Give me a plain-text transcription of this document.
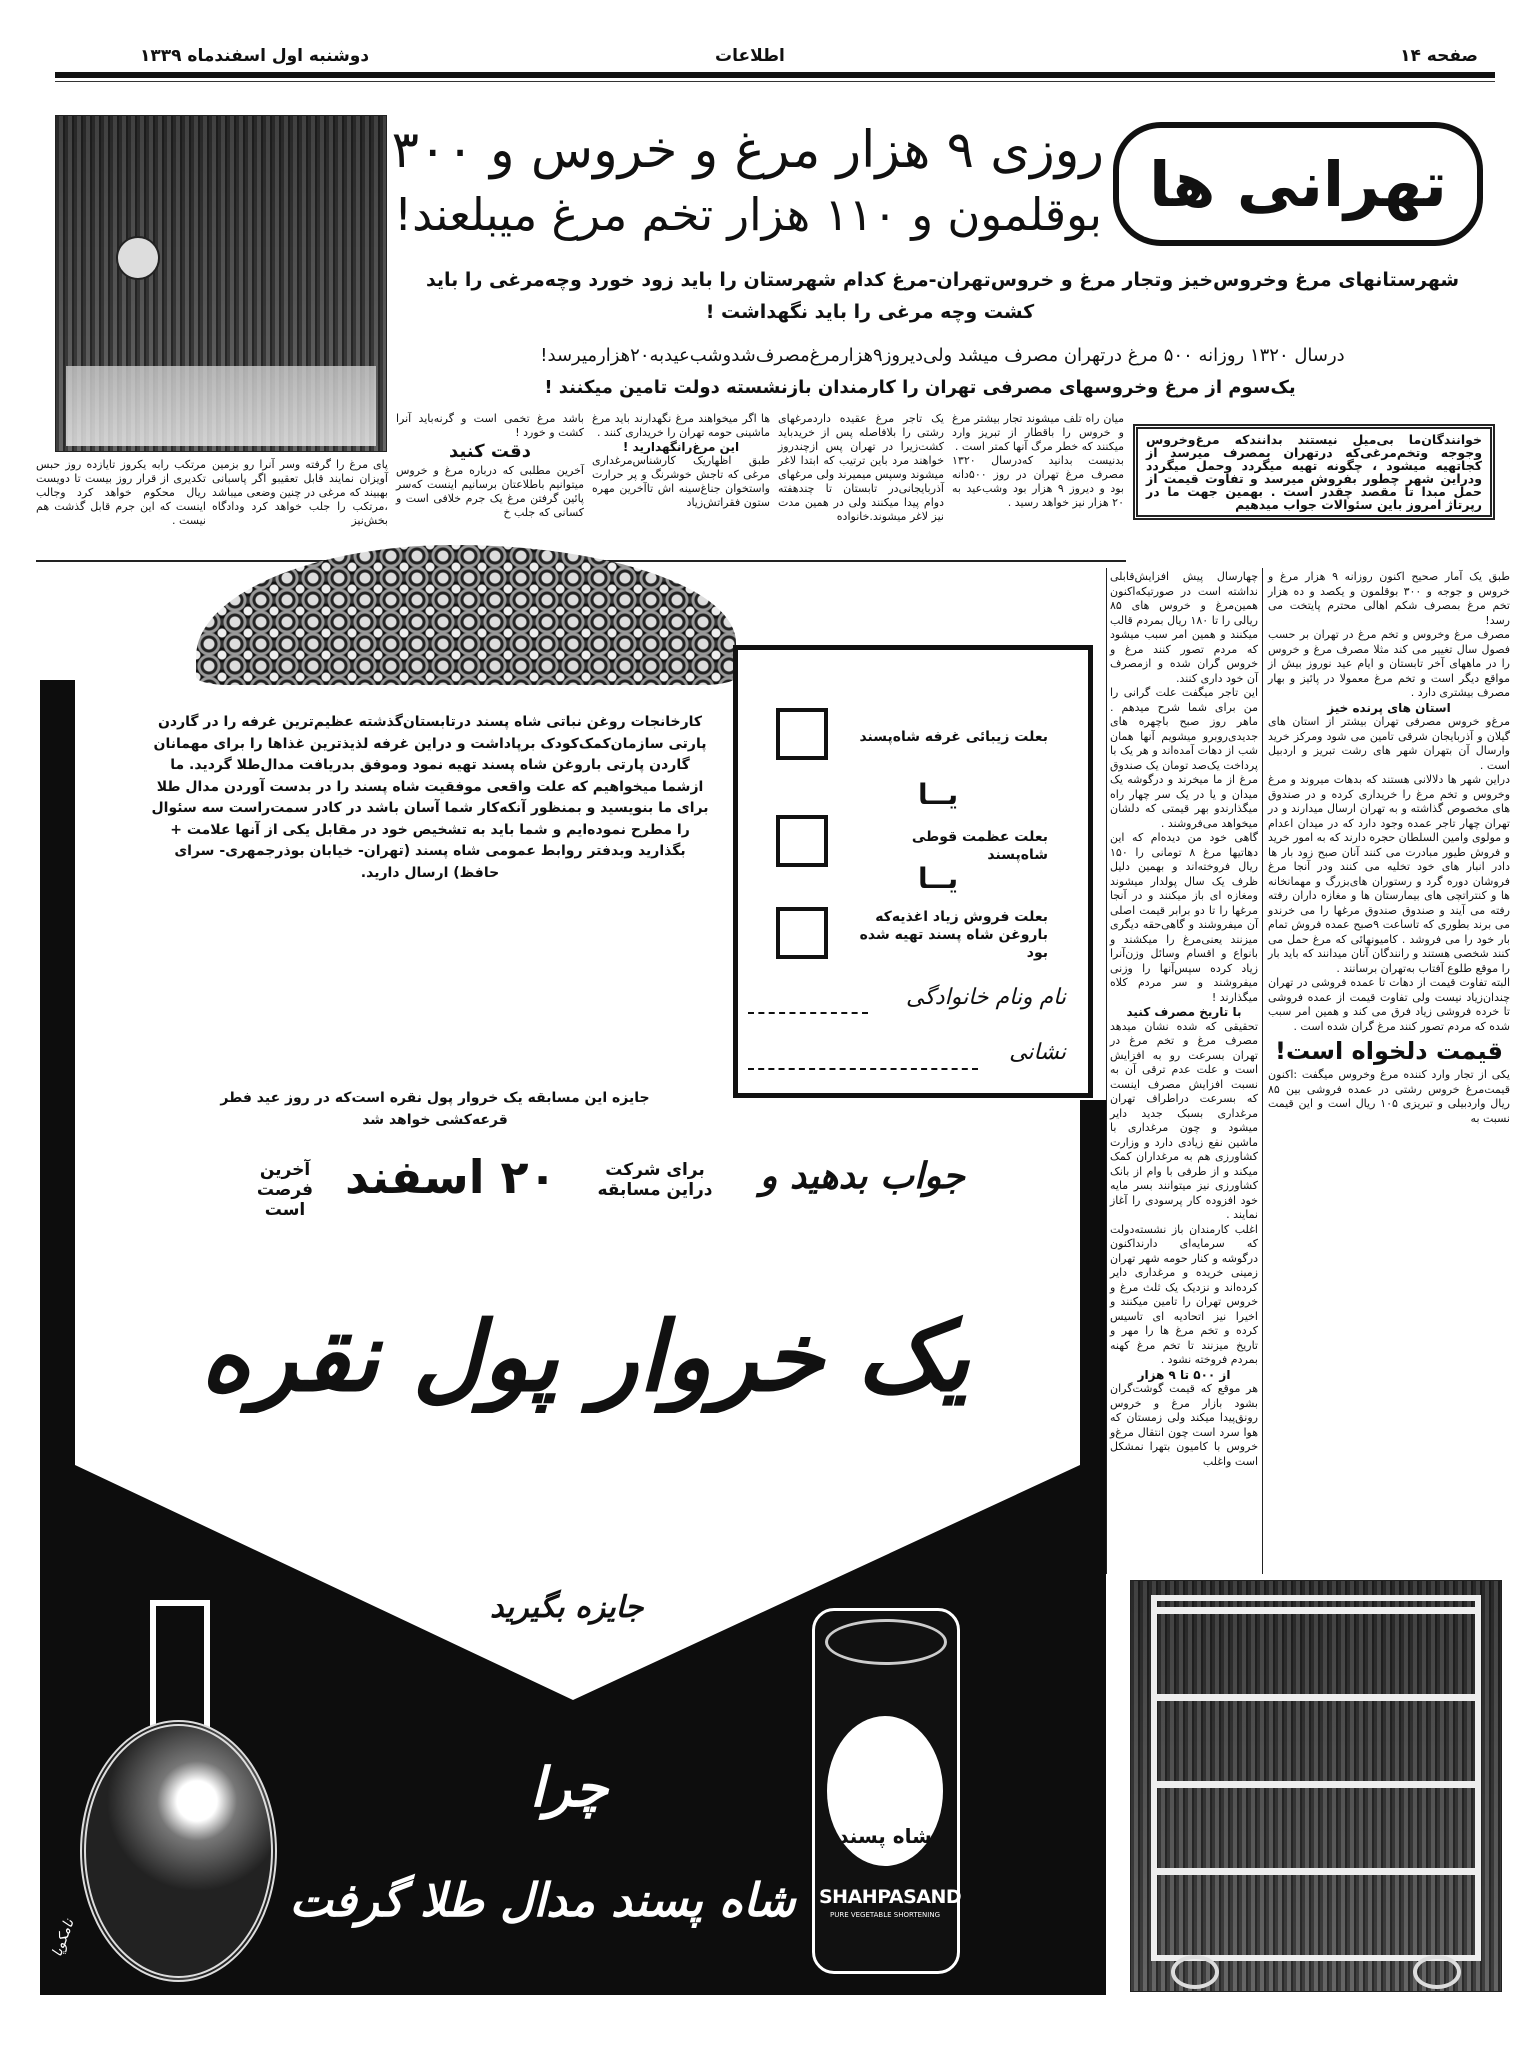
دوشنبه اول اسفندماه ۱۳۳۹	اطلاعات	صفحه ۱۴
تهرانی ها
روزی ۹ هزار مرغ و خروس و ۳۰۰
بوقلمون و ۱۱۰ هزار تخم مرغ میبلعند!
شهرستانهای مرغ وخروس‌خیز وتجار مرغ و خروس‌تهران-مرغ کدام شهرستان را باید زود خورد وچه‌مرغی را باید
کشت وچه مرغی را باید نگهداشت !
درسال ۱۳۲۰ روزانه ۵۰۰ مرغ درتهران مصرف میشد ولی‌دیروز۹هزارمرغ‌مصرف‌شدوشب‌عیدبه۲۰هزارمیرسد!
یک‌سوم از مرغ وخروسهای مصرفی تهران را کارمندان بازنشسته دولت تامین میکنند !
خوانندگان‌ما بی‌میل نیستند بدانندکه مرغ‌وخروس وجوجه وتخم‌مرغی‌که درتهران بمصرف میرسد از کجاتهیه میشود ، چگونه تهیه میگردد وحمل میگردد ودراین شهر چطور بفروش میرسد و تفاوت قیمت از حمل مبدا تا مقصد چقدر است . بهمین جهت ما در رپرتاژ امروز باین سئوالات جواب میدهیم
میان راه تلف میشوند تجار بیشتر مرغ و خروس را باقطار از تبریز وارد میکنند که خطر مرگ آنها کمتر است .
بدنیست بدانید که‌درسال ۱۳۲۰ مصرف مرغ تهران در روز ۵۰۰دانه بود و دیروز ۹ هزار بود وشب‌عید به ۲۰ هزار نیز خواهد رسید .
یک تاجر مرغ عقیده داردمرغهای رشتی را بلافاصله پس از خریدباید کشت‌زیرا در تهران پس ازچندروز خواهند مرد باین ترتیب که ابتدا لاغر میشوند وسپس میمیرند ولی مرغهای آذربایجانی‌در تابستان تا چندهفته دوام پیدا میکنند ولی در همین مدت نیز لاغر میشوند.خانواده
ها اگر میخواهند مرغ نگهدارند باید مرغ ماشینی حومه تهران را خریداری کنند .
این مرغ‌رانگهدارید !
طبق اظهاریک کارشناس‌مرغداری مرغی که تاجش خوشرنگ و پر حرارت واستخوان جناغ‌سینه اش تاآخرین مهره ستون فقراتش‌زیاد
باشد مرغ تخمی است و گرنه‌باید آنرا کشت و خورد !
دقت کنید
آخرین مطلبی که درباره مرغ و خروس میتوانیم باطلاعتان برسانیم اینست که‌سر پائین گرفتن مرغ یک جرم خلافی است و کسانی که جلب خ
پای مرغ را گرفته وسر آنرا رو بزمین آویزان نمایند قابل تعقیبو اگر پاسبانی بهبیند که مرغی در چنین وضعی میباشد ،مرتکب را جلب خواهد کرد ودادگاه بخش‌نیز
مرتکب رابه یکروز تایازده روز حبس تکدیری از قرار روز بیست تا دویست ریال محکوم خواهد کرد وجالب اینست که این جرم قابل گذشت هم نیست .
طبق یک آمار صحیح اکنون روزانه ۹ هزار مرغ و خروس و جوجه و ۳۰۰ بوقلمون و یکصد و ده هزار تخم مرغ بمصرف شکم اهالی محترم پایتخت می رسد!
مصرف مرغ وخروس و تخم مرغ در تهران بر حسب فصول سال تغییر می کند مثلا مصرف مرغ و خروس را در ماههای آخر تابستان و ایام عید نوروز بیش از مواقع دیگر است و تخم مرغ معمولا در پائیز و بهار مصرف بیشتری دارد .
استان های پرنده خیز
مرغ‌و خروس مصرفی تهران بیشتر از استان های گیلان و آذربایجان شرقی تامین می شود ومرکز خرید وارسال آن بتهران شهر های رشت تبریز و اردبیل است .
دراین شهر ها دلالانی هستند که بدهات میروند و مرغ وخروس و تخم مرغ را خریداری کرده و در صندوق های مخصوص گذاشته و به تهران ارسال میدارند و در تهران چهار تاجر عمده وجود دارد که در میدان اعدام و مولوی وامین السلطان حجره دارند که به امور خرید و فروش طیور مبادرت می کنند آنان صبح زود بار ها دادر انبار های خود تخلیه می کنند ودر آنجا مرغ فروشان دوره گرد و رستوران های‌بزرگ و مهمانخانه ها و کنتراتچی های بیمارستان ها و مغازه داران رفته رفته می آیند و صندوق صندوق مرغها را می خرندو می برند بطوری که تاساعت ۹صبح عمده فروش تمام بار خود را می فروشد . کامیونهائی که مرغ حمل می کنند شخصی هستند و رانندگان آنان میدانند که باید بار را موقع طلوع آفتاب به‌تهران برسانند .
البته تفاوت قیمت از دهات تا عمده فروشی در تهران چندان‌زیاد نیست ولی تفاوت قیمت از عمده فروشی تا خرده فروشی زیاد فرق می کند و همین امر سبب شده که مردم تصور کنند مرغ گران شده است .
قیمت دلخواه است!
یکی از تجار وارد کننده مرغ وخروس میگفت :اکنون قیمت‌مرغ خروس رشتی در عمده فروشی بین ۸۵ ریال واردبیلی و تبریزی ۱۰۵ ریال است و این قیمت نسبت به
چهارسال پیش افزایش‌قابلی نداشته است در صورتیکه‌اکنون همین‌مرغ و خروس های ۸۵ ریالی را تا ۱۸۰ ریال بمردم قالب میکنند و همین امر سبب میشود که مردم تصور کنند مرغ و خروس گران شده و ازمصرف آن خود داری کنند.
این تاجر میگفت علت گرانی را من برای شما شرح میدهم . ماهر روز صبح باچهره های جدیدی‌روبرو میشویم آنها همان شب از دهات آمده‌اند و هر یک با پرداخت یک‌صد تومان یک صندوق مرغ از ما میخرند و درگوشه یک میدان و یا در یک سر چهار راه میگذارندو بهر قیمتی که دلشان میخواهد می‌فروشند .
گاهی خود من دیده‌ام که این دهاتیها مرغ ۸ تومانی را ۱۵۰ ریال فروخته‌اند و بهمین دلیل ظرف یک سال پولدار میشوند ومغازه ای باز میکنند و در آنجا مرغها را تا دو برابر قیمت اصلی آن میفروشند و گاهی‌حقه دیگری میزنند یعنی‌مرغ را میکشند و بانواع و اقسام وسائل وزن‌آنرا زیاد کرده سپس‌آنها را وزنی میفروشند و سر مردم کلاه میگذارند !
با تاریخ مصرف کنید
تحقیقی که شده نشان میدهد مصرف مرغ و تخم مرغ در تهران بسرعت رو به افزایش است و علت عدم ترقی آن به نسبت افزایش مصرف اینست که بسرعت دراطراف تهران مرغداری بسبک جدید دایر میشود و چون مرغداری با ماشین نفع زیادی دارد و وزارت کشاورزی هم به مرغداران کمک میکند و از طرفی با وام از بانک کشاورزی نیز میتوانند بسر مایه خود افزوده کار پرسودی را آغاز نمایند .
اغلب کارمندان باز نشسته‌دولت که سرمایه‌ای دارنداکنون درگوشه و کنار حومه شهر تهران زمینی خریده و مرغداری دایر کرده‌اند و نزدیک یک ثلث مرغ و خروس تهران را تامین میکنند و اخیرا نیز اتحادیه ای تاسیس کرده و تخم مرغ ها را مهر و تاریخ میزنند تا تخم مرغ کهنه بمردم فروخته نشود .
از ۵۰۰ تا ۹ هزار
هر موقع که قیمت گوشت‌گران بشود بازار مرغ و خروس رونق‌پیدا میکند ولی زمستان که هوا سرد است چون انتقال مرغ‌و خروس با کامیون بتهرا نمشکل است واغلب
کارخانجات روغن نباتی شاه پسند درتابستان‌گذشته عظیم‌ترین غرفه را در گاردن پارتی سازمان‌کمک‌کودک برپاداشت و دراین غرفه لذیذترین غذاها را برای مهمانان گاردن پارتی باروغن شاه پسند تهیه نمود وموفق بدریافت مدال‌طلا گردید. ما ازشما میخواهیم که علت واقعی موفقیت شاه پسند را در بدست آوردن مدال طلا برای ما بنویسید و بمنظور آنکه‌کار شما آسان باشد در کادر سمت‌راست سه سئوال را مطرح نموده‌ایم و شما باید به تشخیص خود در مقابل یکی از آنها علامت + بگذارید وبدفتر روابط عمومی شاه پسند (تهران- خیابان بوذرجمهری- سرای حافظ) ارسال دارید.
جایزه این مسابقه یک خروار پول نقره است‌که در روز عید فطر قرعه‌کشی خواهد شد
بعلت زیبائی غرفه شاه‌پسند
یــا
بعلت عظمت قوطی شاه‌پسند
یــا
بعلت فروش زیاد اغذیه‌که باروغن شاه پسند تهیه شده بود
نام ونام خانوادگی
نشانی
جواب بدهید و
برای شرکت
دراین مسابقه
۲۰ اسفند
آخرین
فرصت است
یک خروار پول نقره
جایزه بگیرید
چرا
شاه پسند مدال طلا گرفت
نامکوپا
شاه پسند
SHAHPASAND
PURE VEGETABLE SHORTENING
